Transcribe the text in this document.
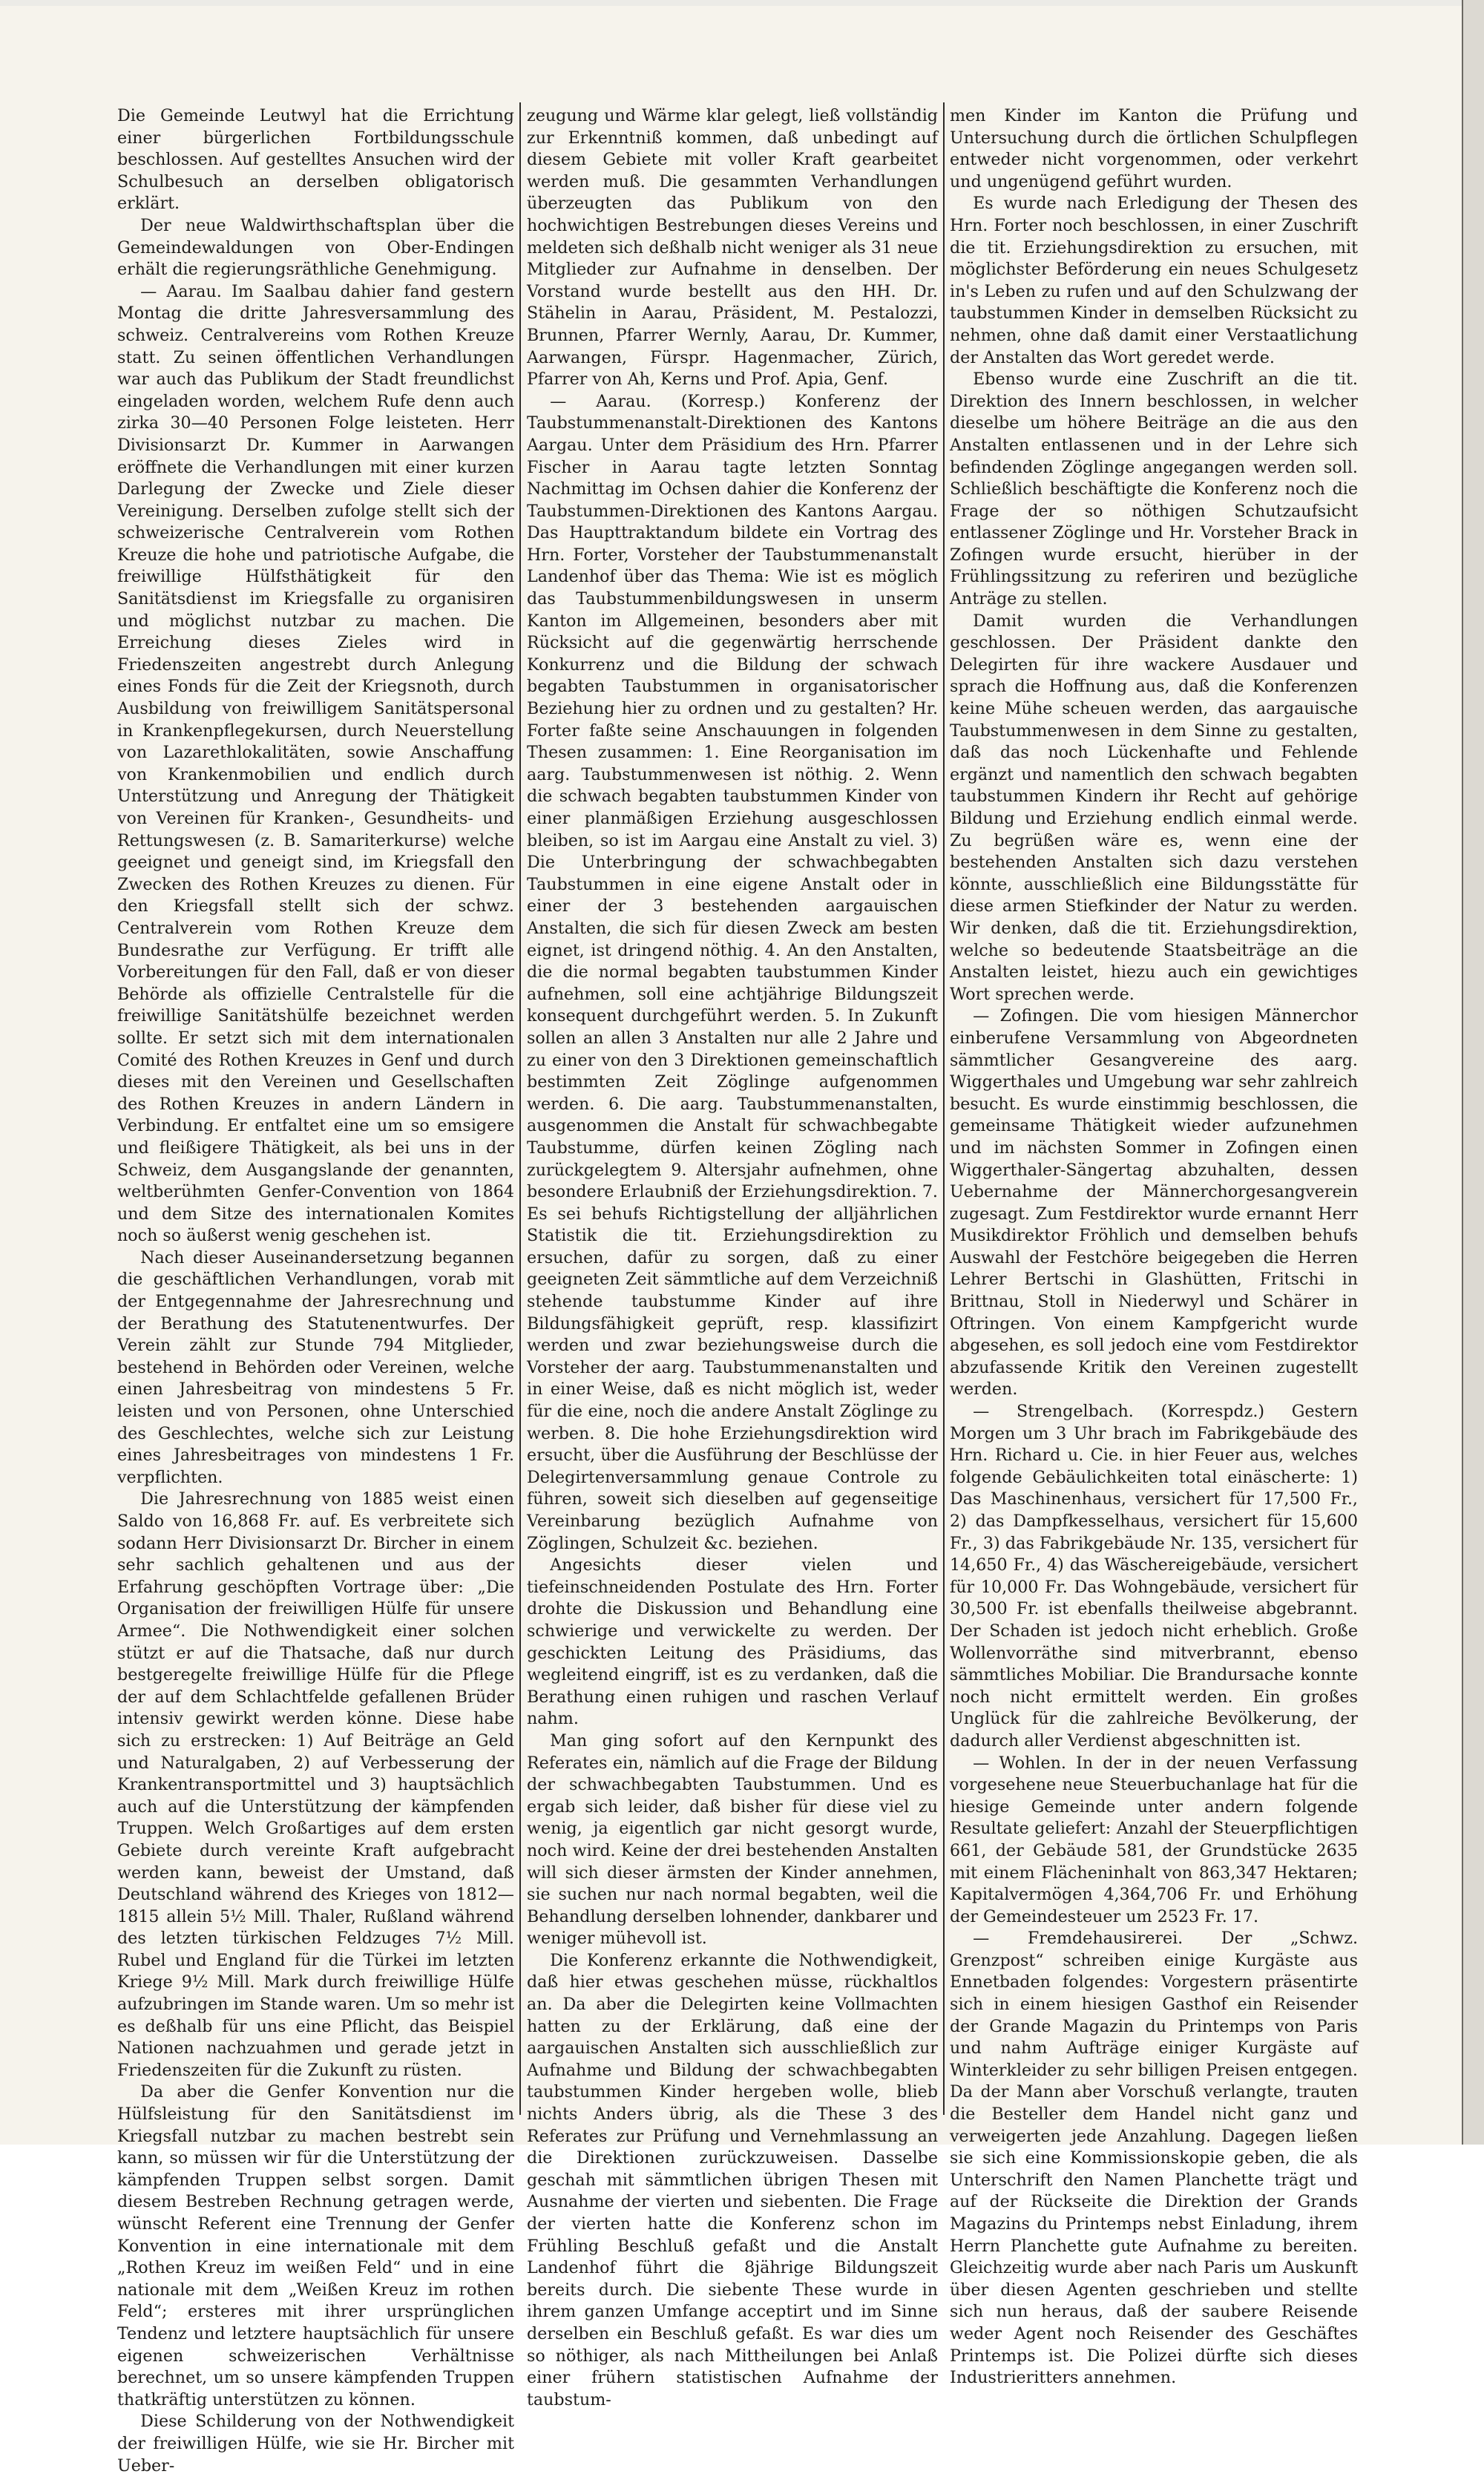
Die Gemeinde Leutwyl hat die Errichtung einer bürgerlichen Fortbildungsschule beschlossen. Auf gestelltes Ansuchen wird der Schulbesuch an derselben obligatorisch erklärt.

Der neue Waldwirthschaftsplan über die Gemeindewaldungen von Ober-Endingen erhält die regierungsräthliche Genehmigung.

— Aarau. Im Saalbau dahier fand gestern Montag die dritte Jahresversammlung des schweiz. Centralvereins vom Rothen Kreuze statt. Zu seinen öffentlichen Verhandlungen war auch das Publikum der Stadt freundlichst eingeladen worden, welchem Rufe denn auch zirka 30—40 Personen Folge leisteten. Herr Divisionsarzt Dr. Kummer in Aarwangen eröffnete die Verhandlungen mit einer kurzen Darlegung der Zwecke und Ziele dieser Vereinigung. Derselben zufolge stellt sich der schweizerische Centralverein vom Rothen Kreuze die hohe und patriotische Aufgabe, die freiwillige Hülfsthätigkeit für den Sanitätsdienst im Kriegsfalle zu organisiren und möglichst nutzbar zu machen. Die Erreichung dieses Zieles wird in Friedenszeiten angestrebt durch Anlegung eines Fonds für die Zeit der Kriegsnoth, durch Ausbildung von freiwilligem Sanitätspersonal in Krankenpflegekursen, durch Neuerstellung von Lazarethlokalitäten, sowie Anschaffung von Krankenmobilien und endlich durch Unterstützung und Anregung der Thätigkeit von Vereinen für Kranken-, Gesundheits- und Rettungswesen (z. B. Samariterkurse) welche geeignet und geneigt sind, im Kriegsfall den Zwecken des Rothen Kreuzes zu dienen. Für den Kriegsfall stellt sich der schwz. Centralverein vom Rothen Kreuze dem Bundesrathe zur Verfügung. Er trifft alle Vorbereitungen für den Fall, daß er von dieser Behörde als offizielle Centralstelle für die freiwillige Sanitätshülfe bezeichnet werden sollte. Er setzt sich mit dem internationalen Comité des Rothen Kreuzes in Genf und durch dieses mit den Vereinen und Gesellschaften des Rothen Kreuzes in andern Ländern in Verbindung. Er entfaltet eine um so emsigere und fleißigere Thätigkeit, als bei uns in der Schweiz, dem Ausgangslande der genannten, weltberühmten Genfer-Convention von 1864 und dem Sitze des internationalen Komites noch so äußerst wenig geschehen ist.

Nach dieser Auseinandersetzung begannen die geschäftlichen Verhandlungen, vorab mit der Entgegennahme der Jahresrechnung und der Berathung des Statutenentwurfes. Der Verein zählt zur Stunde 794 Mitglieder, bestehend in Behörden oder Vereinen, welche einen Jahresbeitrag von mindestens 5 Fr. leisten und von Personen, ohne Unterschied des Geschlechtes, welche sich zur Leistung eines Jahresbeitrages von mindestens 1 Fr. verpflichten.

Die Jahresrechnung von 1885 weist einen Saldo von 16,868 Fr. auf. Es verbreitete sich sodann Herr Divisionsarzt Dr. Bircher in einem sehr sachlich gehaltenen und aus der Erfahrung geschöpften Vortrage über: „Die Organisation der freiwilligen Hülfe für unsere Armee“. Die Nothwendigkeit einer solchen stützt er auf die Thatsache, daß nur durch bestgeregelte freiwillige Hülfe für die Pflege der auf dem Schlachtfelde gefallenen Brüder intensiv gewirkt werden könne. Diese habe sich zu erstrecken: 1) Auf Beiträge an Geld und Naturalgaben, 2) auf Verbesserung der Krankentransportmittel und 3) hauptsächlich auch auf die Unterstützung der kämpfenden Truppen. Welch Großartiges auf dem ersten Gebiete durch vereinte Kraft aufgebracht werden kann, beweist der Umstand, daß Deutschland während des Krieges von 1812—1815 allein 5½ Mill. Thaler, Rußland während des letzten türkischen Feldzuges 7½ Mill. Rubel und England für die Türkei im letzten Kriege 9½ Mill. Mark durch freiwillige Hülfe aufzubringen im Stande waren. Um so mehr ist es deßhalb für uns eine Pflicht, das Beispiel Nationen nachzuahmen und gerade jetzt in Friedenszeiten für die Zukunft zu rüsten.

Da aber die Genfer Konvention nur die Hülfsleistung für den Sanitätsdienst im Kriegsfall nutzbar zu machen bestrebt sein kann, so müssen wir für die Unterstützung der kämpfenden Truppen selbst sorgen. Damit diesem Bestreben Rechnung getragen werde, wünscht Referent eine Trennung der Genfer Konvention in eine internationale mit dem „Rothen Kreuz im weißen Feld“ und in eine nationale mit dem „Weißen Kreuz im rothen Feld“; ersteres mit ihrer ursprünglichen Tendenz und letztere hauptsächlich für unsere eigenen schweizerischen Verhältnisse berechnet, um so unsere kämpfenden Truppen thatkräftig unterstützen zu können.

Diese Schilderung von der Nothwendigkeit der freiwilligen Hülfe, wie sie Hr. Bircher mit Ueber-

zeugung und Wärme klar gelegt, ließ vollständig zur Erkenntniß kommen, daß unbedingt auf diesem Gebiete mit voller Kraft gearbeitet werden muß. Die gesammten Verhandlungen überzeugten das Publikum von den hochwichtigen Bestrebungen dieses Vereins und meldeten sich deßhalb nicht weniger als 31 neue Mitglieder zur Aufnahme in denselben. Der Vorstand wurde bestellt aus den HH. Dr. Stähelin in Aarau, Präsident, M. Pestalozzi, Brunnen, Pfarrer Wernly, Aarau, Dr. Kummer, Aarwangen, Fürspr. Hagenmacher, Zürich, Pfarrer von Ah, Kerns und Prof. Apia, Genf.

— Aarau. (Korresp.) Konferenz der Taubstummenanstalt-Direktionen des Kantons Aargau. Unter dem Präsidium des Hrn. Pfarrer Fischer in Aarau tagte letzten Sonntag Nachmittag im Ochsen dahier die Konferenz der Taubstummen-Direktionen des Kantons Aargau. Das Haupttraktandum bildete ein Vortrag des Hrn. Forter, Vorsteher der Taubstummenanstalt Landenhof über das Thema: Wie ist es möglich das Taubstummenbildungswesen in unserm Kanton im Allgemeinen, besonders aber mit Rücksicht auf die gegenwärtig herrschende Konkurrenz und die Bildung der schwach begabten Taubstummen in organisatorischer Beziehung hier zu ordnen und zu gestalten? Hr. Forter faßte seine Anschauungen in folgenden Thesen zusammen: 1. Eine Reorganisation im aarg. Taubstummenwesen ist nöthig. 2. Wenn die schwach begabten taubstummen Kinder von einer planmäßigen Erziehung ausgeschlossen bleiben, so ist im Aargau eine Anstalt zu viel. 3) Die Unterbringung der schwachbegabten Taubstummen in eine eigene Anstalt oder in einer der 3 bestehenden aargauischen Anstalten, die sich für diesen Zweck am besten eignet, ist dringend nöthig. 4. An den Anstalten, die die normal begabten taubstummen Kinder aufnehmen, soll eine achtjährige Bildungszeit konsequent durchgeführt werden. 5. In Zukunft sollen an allen 3 Anstalten nur alle 2 Jahre und zu einer von den 3 Direktionen gemeinschaftlich bestimmten Zeit Zöglinge aufgenommen werden. 6. Die aarg. Taubstummenanstalten, ausgenommen die Anstalt für schwachbegabte Taubstumme, dürfen keinen Zögling nach zurückgelegtem 9. Altersjahr aufnehmen, ohne besondere Erlaubniß der Erziehungsdirektion. 7. Es sei behufs Richtigstellung der alljährlichen Statistik die tit. Erziehungsdirektion zu ersuchen, dafür zu sorgen, daß zu einer geeigneten Zeit sämmtliche auf dem Verzeichniß stehende taubstumme Kinder auf ihre Bildungsfähigkeit geprüft, resp. klassifizirt werden und zwar beziehungsweise durch die Vorsteher der aarg. Taubstummenanstalten und in einer Weise, daß es nicht möglich ist, weder für die eine, noch die andere Anstalt Zöglinge zu werben. 8. Die hohe Erziehungsdirektion wird ersucht, über die Ausführung der Beschlüsse der Delegirtenversammlung genaue Controle zu führen, soweit sich dieselben auf gegenseitige Vereinbarung bezüglich Aufnahme von Zöglingen, Schulzeit &c. beziehen.

Angesichts dieser vielen und tiefeinschneidenden Postulate des Hrn. Forter drohte die Diskussion und Behandlung eine schwierige und verwickelte zu werden. Der geschickten Leitung des Präsidiums, das wegleitend eingriff, ist es zu verdanken, daß die Berathung einen ruhigen und raschen Verlauf nahm.

Man ging sofort auf den Kernpunkt des Referates ein, nämlich auf die Frage der Bildung der schwachbegabten Taubstummen. Und es ergab sich leider, daß bisher für diese viel zu wenig, ja eigentlich gar nicht gesorgt wurde, noch wird. Keine der drei bestehenden Anstalten will sich dieser ärmsten der Kinder annehmen, sie suchen nur nach normal begabten, weil die Behandlung derselben lohnender, dankbarer und weniger mühevoll ist.

Die Konferenz erkannte die Nothwendigkeit, daß hier etwas geschehen müsse, rückhaltlos an. Da aber die Delegirten keine Vollmachten hatten zu der Erklärung, daß eine der aargauischen Anstalten sich ausschließlich zur Aufnahme und Bildung der schwachbegabten taubstummen Kinder hergeben wolle, blieb nichts Anders übrig, als die These 3 des Referates zur Prüfung und Vernehmlassung an die Direktionen zurückzuweisen. Dasselbe geschah mit sämmtlichen übrigen Thesen mit Ausnahme der vierten und siebenten. Die Frage der vierten hatte die Konferenz schon im Frühling Beschluß gefaßt und die Anstalt Landenhof führt die 8jährige Bildungszeit bereits durch. Die siebente These wurde in ihrem ganzen Umfange acceptirt und im Sinne derselben ein Beschluß gefaßt. Es war dies um so nöthiger, als nach Mittheilungen bei Anlaß einer frühern statistischen Aufnahme der taubstum-

men Kinder im Kanton die Prüfung und Untersuchung durch die örtlichen Schulpflegen entweder nicht vorgenommen, oder verkehrt und ungenügend geführt wurden.

Es wurde nach Erledigung der Thesen des Hrn. Forter noch beschlossen, in einer Zuschrift die tit. Erziehungsdirektion zu ersuchen, mit möglichster Beförderung ein neues Schulgesetz in's Leben zu rufen und auf den Schulzwang der taubstummen Kinder in demselben Rücksicht zu nehmen, ohne daß damit einer Verstaatlichung der Anstalten das Wort geredet werde.

Ebenso wurde eine Zuschrift an die tit. Direktion des Innern beschlossen, in welcher dieselbe um höhere Beiträge an die aus den Anstalten entlassenen und in der Lehre sich befindenden Zöglinge angegangen werden soll. Schließlich beschäftigte die Konferenz noch die Frage der so nöthigen Schutzaufsicht entlassener Zöglinge und Hr. Vorsteher Brack in Zofingen wurde ersucht, hierüber in der Frühlingssitzung zu referiren und bezügliche Anträge zu stellen.

Damit wurden die Verhandlungen geschlossen. Der Präsident dankte den Delegirten für ihre wackere Ausdauer und sprach die Hoffnung aus, daß die Konferenzen keine Mühe scheuen werden, das aargauische Taubstummenwesen in dem Sinne zu gestalten, daß das noch Lückenhafte und Fehlende ergänzt und namentlich den schwach begabten taubstummen Kindern ihr Recht auf gehörige Bildung und Erziehung endlich einmal werde. Zu begrüßen wäre es, wenn eine der bestehenden Anstalten sich dazu verstehen könnte, ausschließlich eine Bildungsstätte für diese armen Stiefkinder der Natur zu werden. Wir denken, daß die tit. Erziehungsdirektion, welche so bedeutende Staatsbeiträge an die Anstalten leistet, hiezu auch ein gewichtiges Wort sprechen werde.

— Zofingen. Die vom hiesigen Männerchor einberufene Versammlung von Abgeordneten sämmtlicher Gesangvereine des aarg. Wiggerthales und Umgebung war sehr zahlreich besucht. Es wurde einstimmig beschlossen, die gemeinsame Thätigkeit wieder aufzunehmen und im nächsten Sommer in Zofingen einen Wiggerthaler-Sängertag abzuhalten, dessen Uebernahme der Männerchorgesangverein zugesagt. Zum Festdirektor wurde ernannt Herr Musikdirektor Fröhlich und demselben behufs Auswahl der Festchöre beigegeben die Herren Lehrer Bertschi in Glashütten, Fritschi in Brittnau, Stoll in Niederwyl und Schärer in Oftringen. Von einem Kampfgericht wurde abgesehen, es soll jedoch eine vom Festdirektor abzufassende Kritik den Vereinen zugestellt werden.

— Strengelbach. (Korrespdz.) Gestern Morgen um 3 Uhr brach im Fabrikgebäude des Hrn. Richard u. Cie. in hier Feuer aus, welches folgende Gebäulichkeiten total einäscherte: 1) Das Maschinenhaus, versichert für 17,500 Fr., 2) das Dampfkesselhaus, versichert für 15,600 Fr., 3) das Fabrikgebäude Nr. 135, versichert für 14,650 Fr., 4) das Wäschereigebäude, versichert für 10,000 Fr. Das Wohngebäude, versichert für 30,500 Fr. ist ebenfalls theilweise abgebrannt. Der Schaden ist jedoch nicht erheblich. Große Wollenvorräthe sind mitverbrannt, ebenso sämmtliches Mobiliar. Die Brandursache konnte noch nicht ermittelt werden. Ein großes Unglück für die zahlreiche Bevölkerung, der dadurch aller Verdienst abgeschnitten ist.

— Wohlen. In der in der neuen Verfassung vorgesehene neue Steuerbuchanlage hat für die hiesige Gemeinde unter andern folgende Resultate geliefert: Anzahl der Steuerpflichtigen 661, der Gebäude 581, der Grundstücke 2635 mit einem Flächeninhalt von 863,347 Hektaren; Kapitalvermögen 4,364,706 Fr. und Erhöhung der Gemeindesteuer um 2523 Fr. 17.

— Fremdehausirerei. Der „Schwz. Grenzpost“ schreiben einige Kurgäste aus Ennetbaden folgendes: Vorgestern präsentirte sich in einem hiesigen Gasthof ein Reisender der Grande Magazin du Printemps von Paris und nahm Aufträge einiger Kurgäste auf Winterkleider zu sehr billigen Preisen entgegen. Da der Mann aber Vorschuß verlangte, trauten die Besteller dem Handel nicht ganz und verweigerten jede Anzahlung. Dagegen ließen sie sich eine Kommissionskopie geben, die als Unterschrift den Namen Planchette trägt und auf der Rückseite die Direktion der Grands Magazins du Printemps nebst Einladung, ihrem Herrn Planchette gute Aufnahme zu bereiten. Gleichzeitig wurde aber nach Paris um Auskunft über diesen Agenten geschrieben und stellte sich nun heraus, daß der saubere Reisende weder Agent noch Reisender des Geschäftes Printemps ist. Die Polizei dürfte sich dieses Industrieritters annehmen.
